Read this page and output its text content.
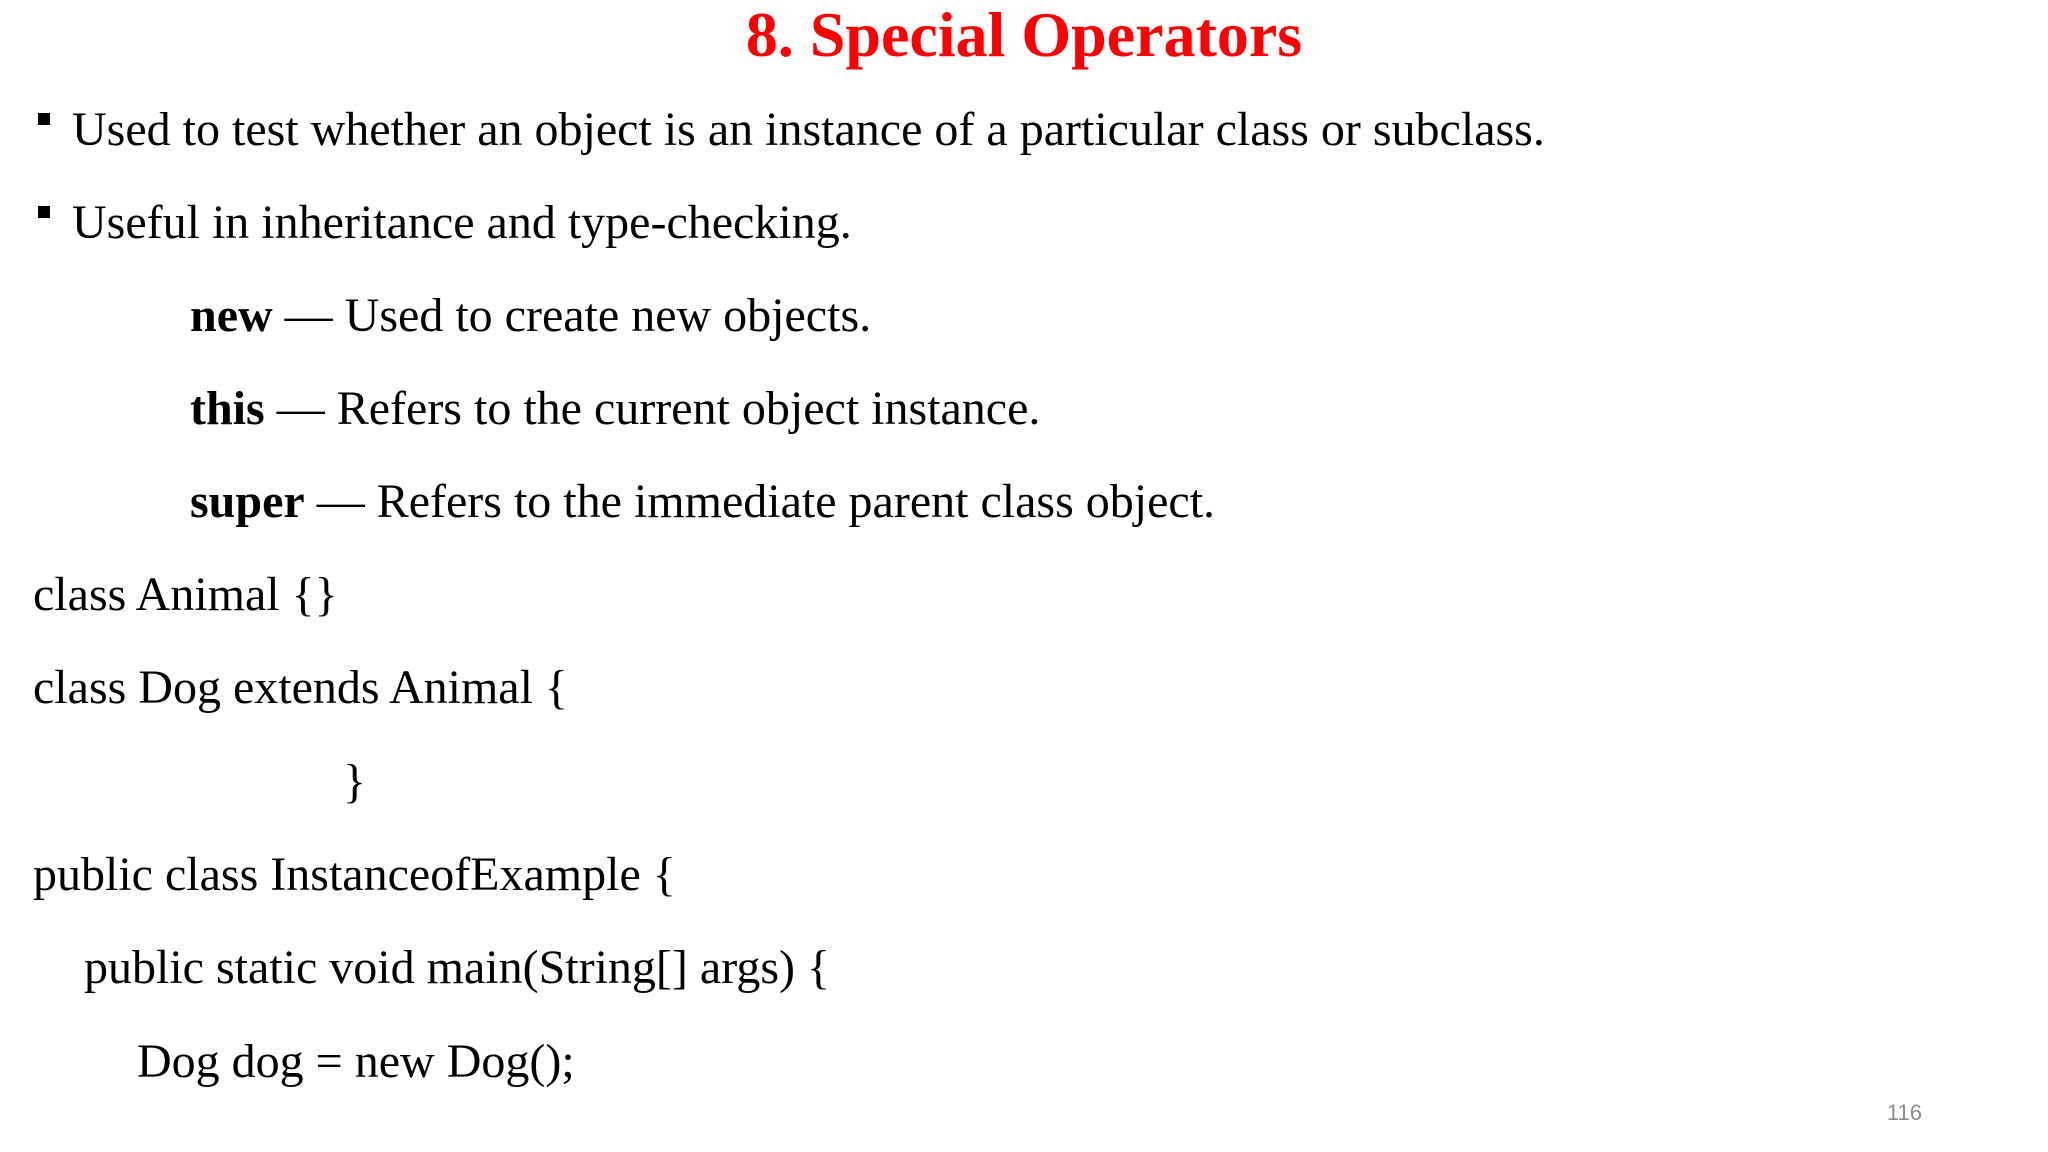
8. Special Operators
Used to test whether an object is an instance of a particular class or subclass.
Useful in inheritance and type-checking.
new — Used to create new objects.
this — Refers to the current object instance.
super — Refers to the immediate parent class object.
class Animal {}
class Dog extends Animal {
}
public class InstanceofExample {
public static void main(String[] args) {
Dog dog = new Dog();
116
